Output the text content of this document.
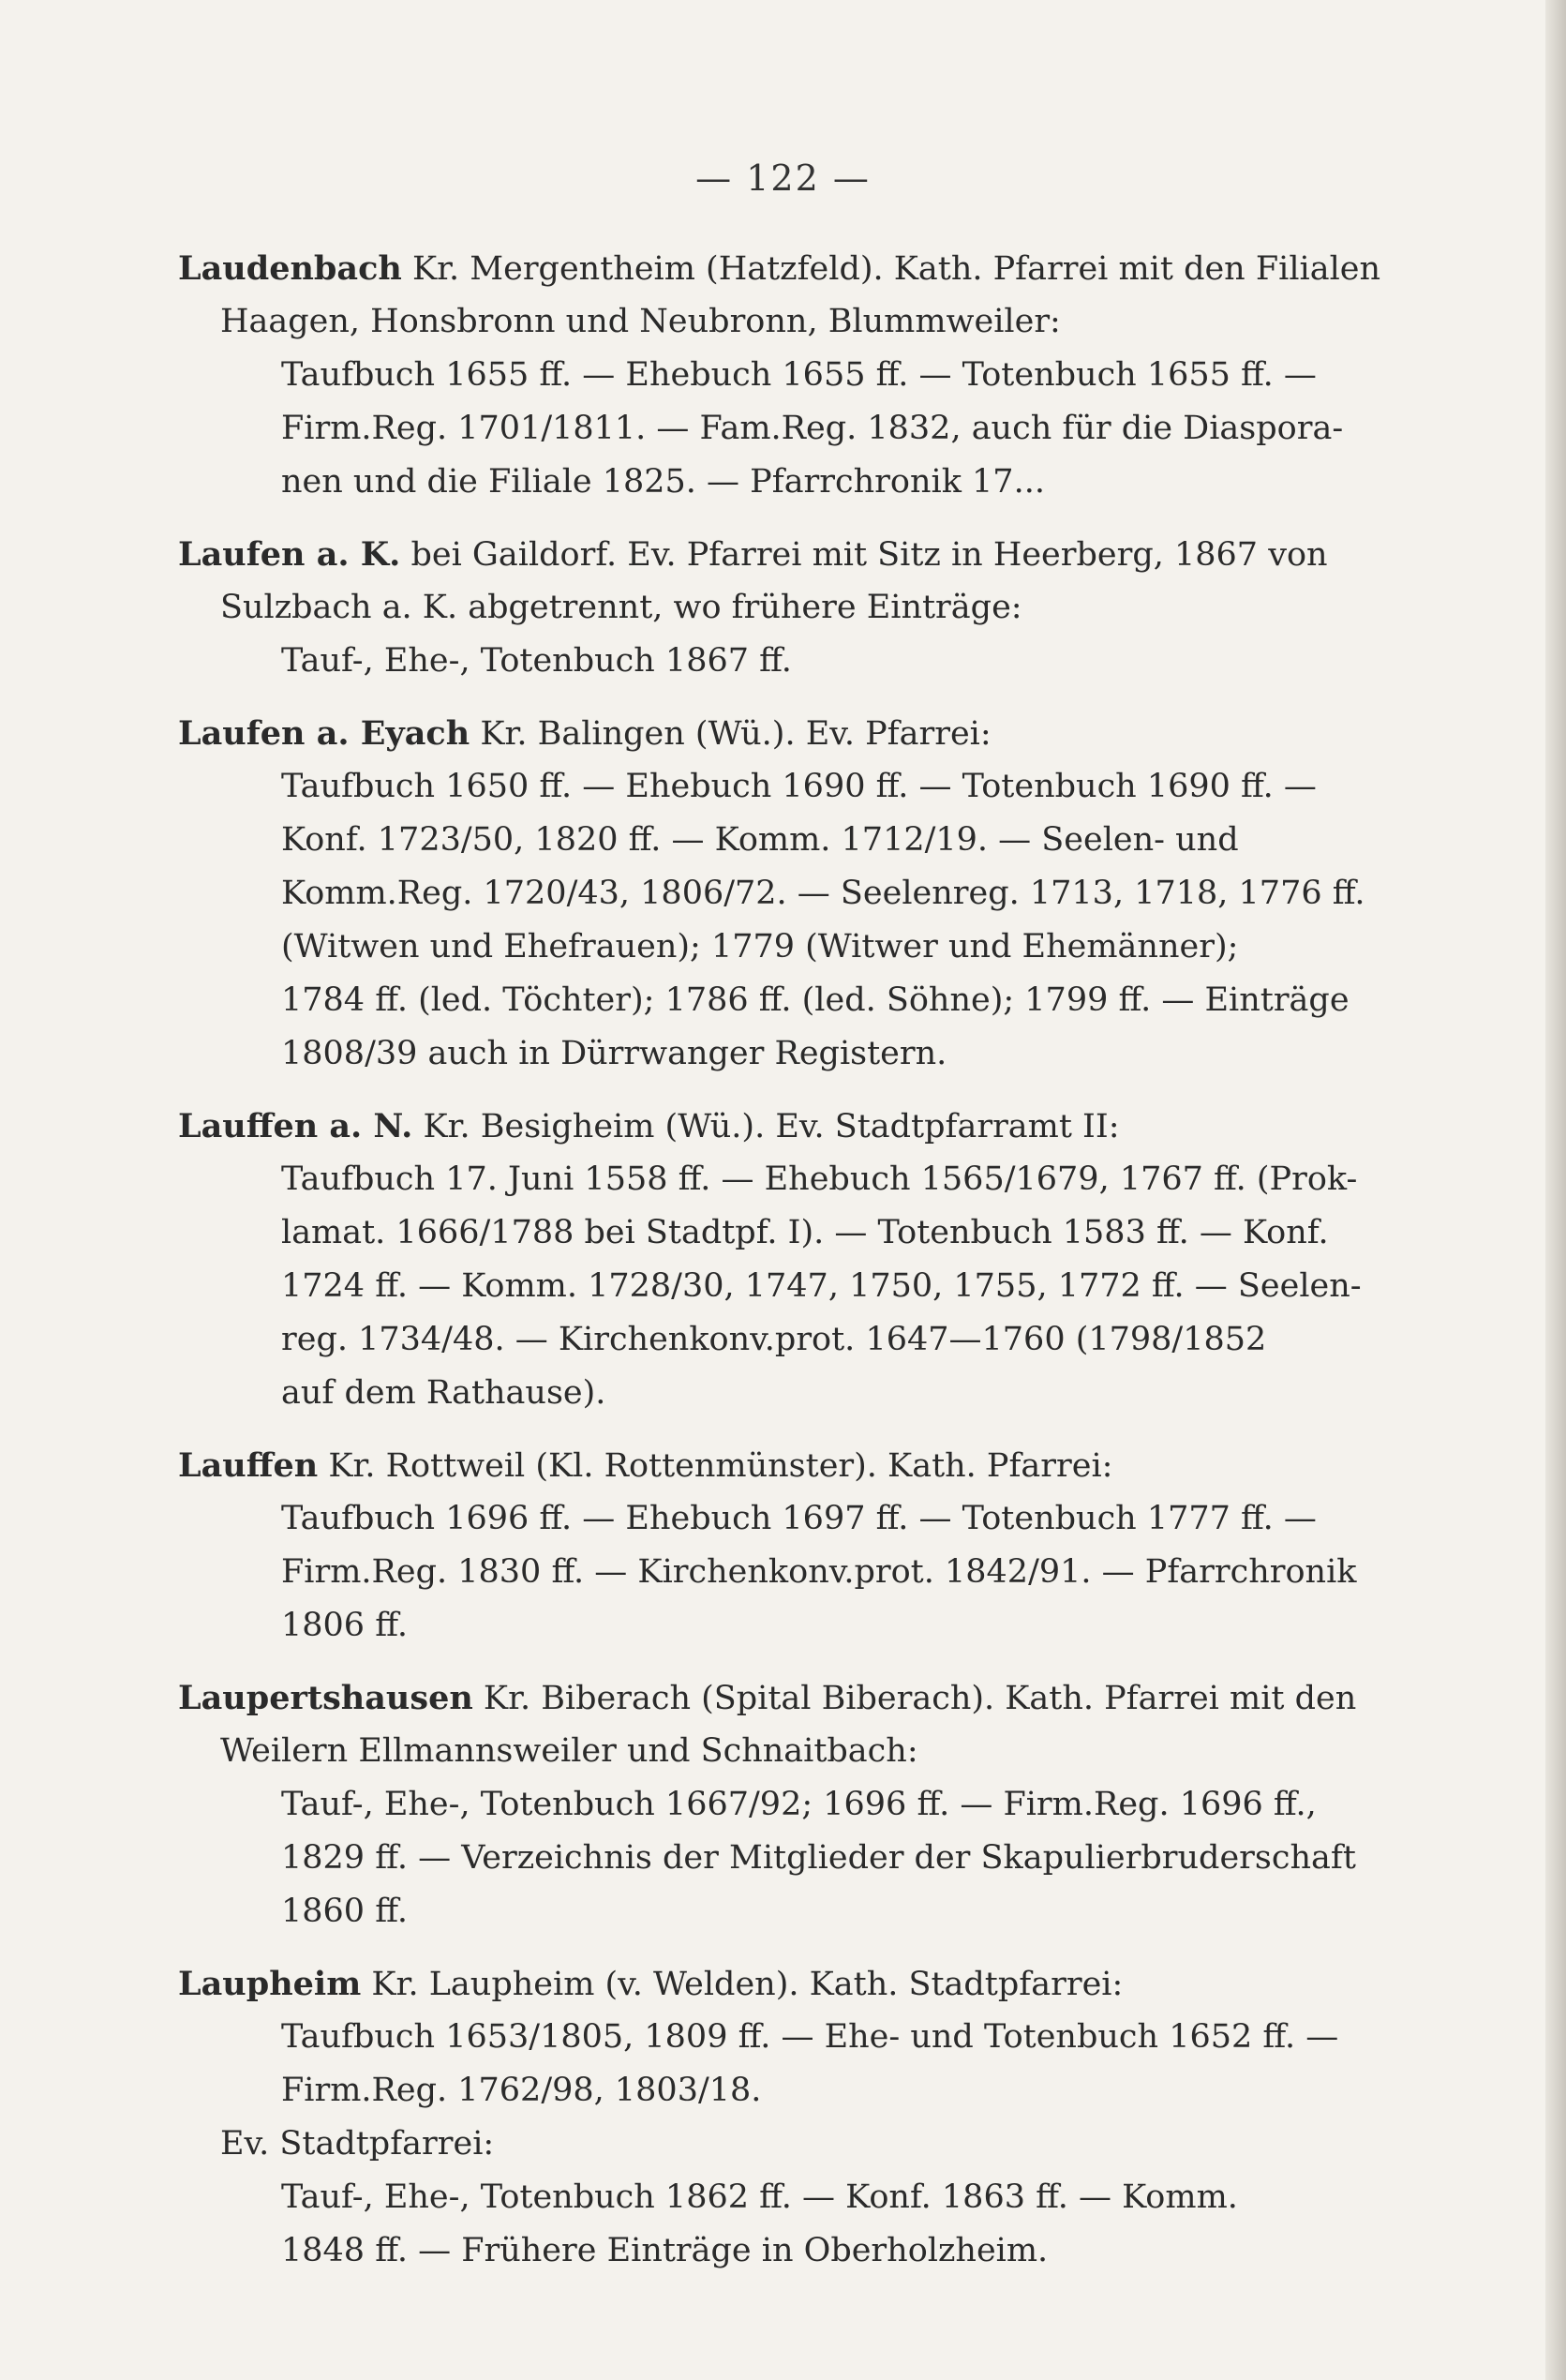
— 122 —
Laudenbach Kr. Mergentheim (Hatzfeld). Kath. Pfarrei mit den Filialen
Haagen, Honsbronn und Neubronn, Blummweiler:
Taufbuch 1655 ff. — Ehebuch 1655 ff. — Totenbuch 1655 ff. —
Firm.Reg. 1701/1811. — Fam.Reg. 1832, auch für die Diaspora-
nen und die Filiale 1825. — Pfarrchronik 17...
Laufen a. K. bei Gaildorf. Ev. Pfarrei mit Sitz in Heerberg, 1867 von
Sulzbach a. K. abgetrennt, wo frühere Einträge:
Tauf-, Ehe-, Totenbuch 1867 ff.
Laufen a. Eyach Kr. Balingen (Wü.). Ev. Pfarrei:
Taufbuch 1650 ff. — Ehebuch 1690 ff. — Totenbuch 1690 ff. —
Konf. 1723/50, 1820 ff. — Komm. 1712/19. — Seelen- und
Komm.Reg. 1720/43, 1806/72. — Seelenreg. 1713, 1718, 1776 ff.
(Witwen und Ehefrauen); 1779 (Witwer und Ehemänner);
1784 ff. (led. Töchter); 1786 ff. (led. Söhne); 1799 ff. — Einträge
1808/39 auch in Dürrwanger Registern.
Lauffen a. N. Kr. Besigheim (Wü.). Ev. Stadtpfarramt II:
Taufbuch 17. Juni 1558 ff. — Ehebuch 1565/1679, 1767 ff. (Prok-
lamat. 1666/1788 bei Stadtpf. I). — Totenbuch 1583 ff. — Konf.
1724 ff. — Komm. 1728/30, 1747, 1750, 1755, 1772 ff. — Seelen-
reg. 1734/48. — Kirchenkonv.prot. 1647—1760 (1798/1852
auf dem Rathause).
Lauffen Kr. Rottweil (Kl. Rottenmünster). Kath. Pfarrei:
Taufbuch 1696 ff. — Ehebuch 1697 ff. — Totenbuch 1777 ff. —
Firm.Reg. 1830 ff. — Kirchenkonv.prot. 1842/91. — Pfarrchronik
1806 ff.
Laupertshausen Kr. Biberach (Spital Biberach). Kath. Pfarrei mit den
Weilern Ellmannsweiler und Schnaitbach:
Tauf-, Ehe-, Totenbuch 1667/92; 1696 ff. — Firm.Reg. 1696 ff.,
1829 ff. — Verzeichnis der Mitglieder der Skapulierbruderschaft
1860 ff.
Laupheim Kr. Laupheim (v. Welden). Kath. Stadtpfarrei:
Taufbuch 1653/1805, 1809 ff. — Ehe- und Totenbuch 1652 ff. —
Firm.Reg. 1762/98, 1803/18.
Ev. Stadtpfarrei:
Tauf-, Ehe-, Totenbuch 1862 ff. — Konf. 1863 ff. — Komm.
1848 ff. — Frühere Einträge in Oberholzheim.
